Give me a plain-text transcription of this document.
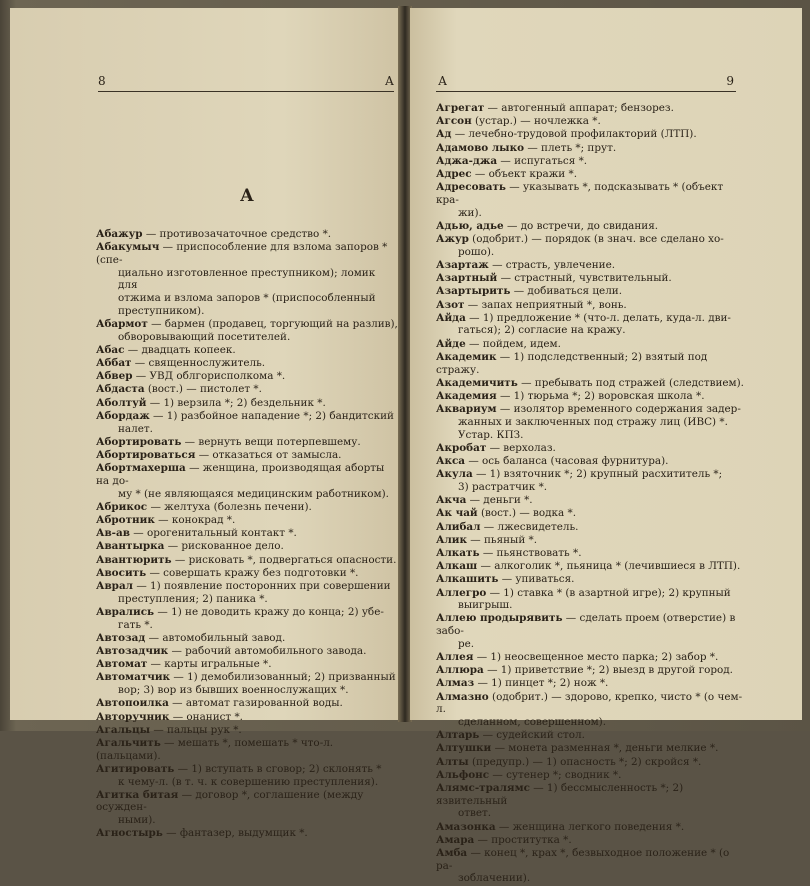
8	А
А
Абажур — противозачаточное средство *.
Абакумыч — приспособление для взлома запоров * (спе-
циально изготовленное преступником); ломик для
отжима и взлома запоров * (приспособленный
преступником).
Абармот — бармен (продавец, торгующий на разлив),
обворовывающий посетителей.
Абас — двадцать копеек.
Аббат — священнослужитель.
Абвер — УВД облгорисполкома *.
Абдаста (вост.) — пистолет *.
Аболтуй — 1) верзила *; 2) бездельник *.
Абордаж — 1) разбойное нападение *; 2) бандитский
налет.
Абортировать — вернуть вещи потерпевшему.
Абортироваться — отказаться от замысла.
Абортмахерша — женщина, производящая аборты на до-
му * (не являющаяся медицинским работником).
Абрикос — желтуха (болезнь печени).
Абротник — конокрад *.
Ав-ав — орогенитальный контакт *.
Авантырка — рискованное дело.
Авантюрить — рисковать *, подвергаться опасности.
Авосить — совершать кражу без подготовки *.
Аврал — 1) появление посторонних при совершении
преступления; 2) паника *.
Аврались — 1) не доводить кражу до конца; 2) убе-
гать *.
Автозад — автомобильный завод.
Автозадчик — рабочий автомобильного завода.
Автомат — карты игральные *.
Автоматчик — 1) демобилизованный; 2) призванный
вор; 3) вор из бывших военнослужащих *.
Автопоилка — автомат газированной воды.
Авторучник — онанист *.
Агальцы — пальцы рук *.
Агальчить — мешать *, помешать * что-л. (пальцами).
Агитировать — 1) вступать в сговор; 2) склонять *
к чему-л. (в т. ч. к совершению преступления).
Агитка битая — договор *, соглашение (между осужден-
ными).
Агностырь — фантазер, выдумщик *.
А	9
Агрегат — автогенный аппарат; бензорез.
Агсон (устар.) — ночлежка *.
Ад — лечебно-трудовой профилакторий (ЛТП).
Адамово лыко — плеть *; прут.
Аджа-джа — испугаться *.
Адрес — объект кражи *.
Адресовать — указывать *, подсказывать * (объект кра-
жи).
Адью, адье — до встречи, до свидания.
Ажур (одобрит.) — порядок (в знач. все сделано хо-
рошо).
Азартаж — страсть, увлечение.
Азартный — страстный, чувствительный.
Азартырить — добиваться цели.
Азот — запах неприятный *, вонь.
Айда — 1) предложение * (что-л. делать, куда-л. дви-
гаться); 2) согласие на кражу.
Айде — пойдем, идем.
Академик — 1) подследственный; 2) взятый под стражу.
Академичить — пребывать под стражей (следствием).
Академия — 1) тюрьма *; 2) воровская школа *.
Аквариум — изолятор временного содержания задер-
жанных и заключенных под стражу лиц (ИВС) *.
Устар. КПЗ.
Акробат — верхолаз.
Акса — ось баланса (часовая фурнитура).
Акула — 1) взяточник *; 2) крупный расхититель *;
3) растратчик *.
Акча — деньги *.
Ак чай (вост.) — водка *.
Алибал — лжесвидетель.
Алик — пьяный *.
Алкать — пьянствовать *.
Алкаш — алкоголик *, пьяница * (лечившиеся в ЛТП).
Алкашить — упиваться.
Аллегро — 1) ставка * (в азартной игре); 2) крупный
выигрыш.
Аллею продырявить — сделать проем (отверстие) в забо-
ре.
Аллея — 1) неосвещенное место парка; 2) забор *.
Аллюра — 1) приветствие *; 2) выезд в другой город.
Алмаз — 1) пинцет *; 2) нож *.
Алмазно (одобрит.) — здорово, крепко, чисто * (о чем-л.
сделанном, совершенном).
Алтарь — судейский стол.
Алтушки — монета разменная *, деньги мелкие *.
Алты (предупр.) — 1) опасность *; 2) скройся *.
Альфонс — сутенер *; сводник *.
Алямс-тралямс — 1) бессмысленность *; 2) язвительный
ответ.
Амазонка — женщина легкого поведения *.
Амара — проститутка *.
Амба — конец *, крах *, безвыходное положение * (о ра-
зоблачении).
